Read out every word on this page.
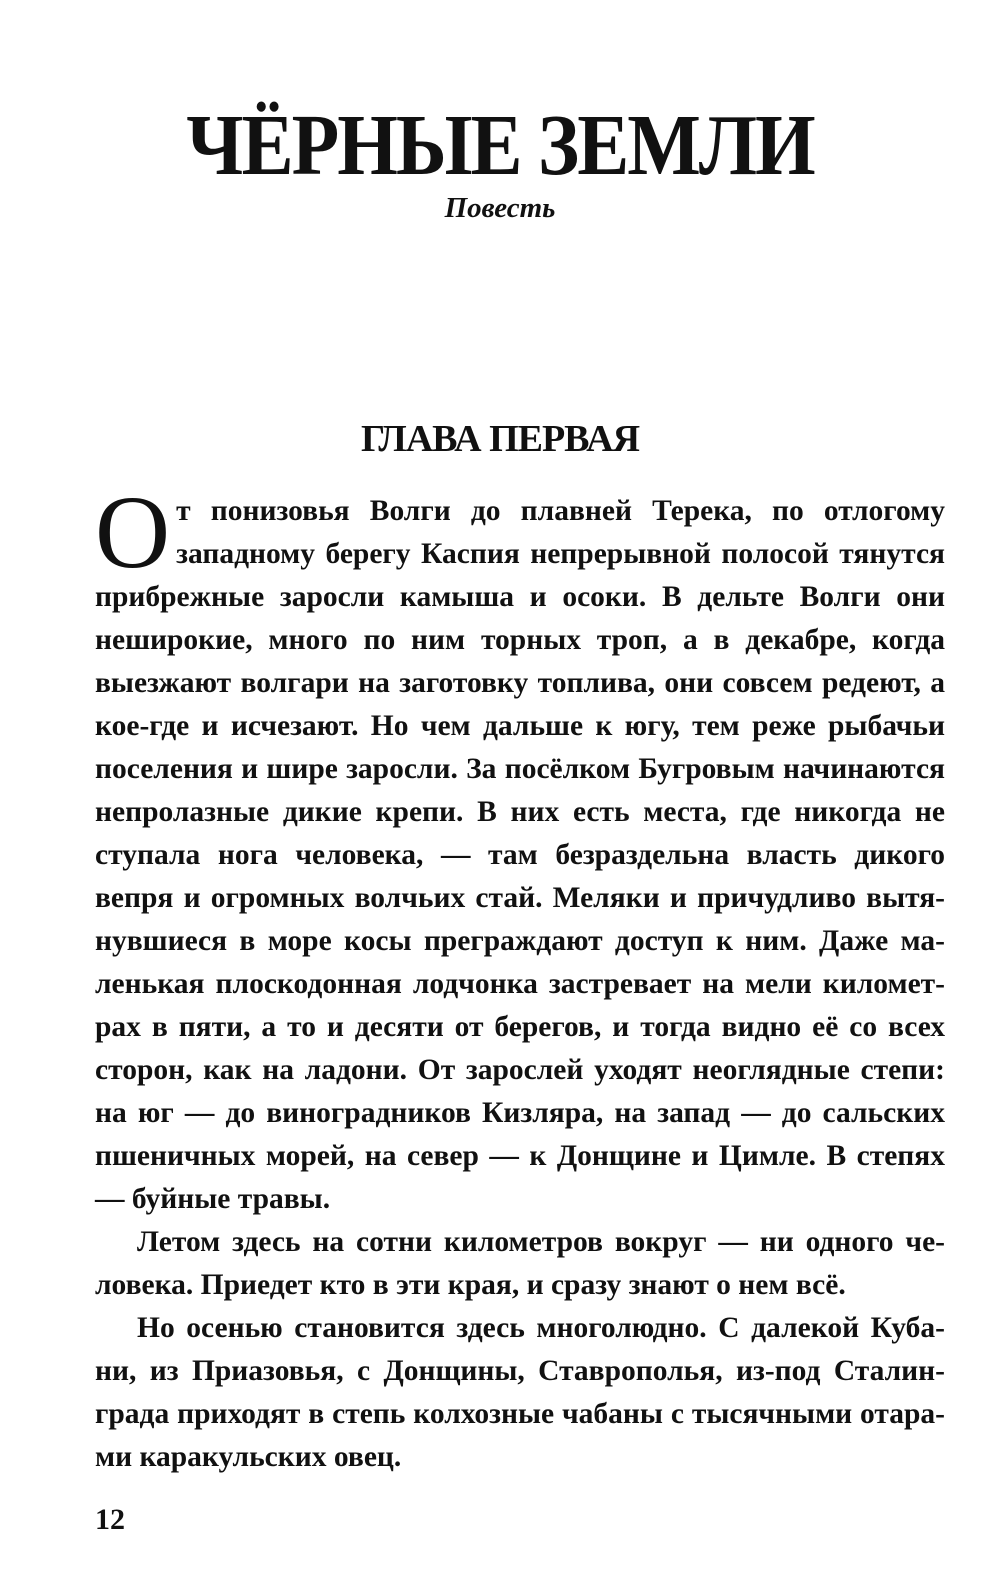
ЧЁРНЫЕ ЗЕМЛИ
Повесть
ГЛАВА ПЕРВАЯ

От понизовья Волги до плавней Терека, по отлогому западному берегу Каспия непрерывной полосой тянутся прибрежные заросли камыша и осоки. В дельте Волги они неширокие, много по ним торных троп, а в декабре, когда выезжают волгари на заготовку топлива, они совсем редеют, а кое-где и исчезают. Но чем дальше к югу, тем реже рыбачьи поселения и шире заросли. За посёлком Бугровым начинаются непролазные дикие крепи. В них есть места, где никогда не ступала нога человека, — там безраздельна власть дикого вепря и огромных волчьих стай. Меляки и причудливо вытянувшиеся в море косы преграждают доступ к ним. Даже маленькая плоскодонная лодчонка застревает на мели километрах в пяти, а то и десяти от берегов, и тогда видно её со всех сторон, как на ладони. От зарослей уходят неоглядные степи: на юг — до виноградников Кизляра, на запад — до сальских пшеничных морей, на север — к Донщине и Цимле. В степях — буйные травы.

Летом здесь на сотни километров вокруг — ни одного человека. Приедет кто в эти края, и сразу знают о нем всё.

Но осенью становится здесь многолюдно. С далекой Кубани, из Приазовья, с Донщины, Ставрополья, из-под Сталинграда приходят в степь колхозные чабаны с тысячными отарами каракульских овец.

12
